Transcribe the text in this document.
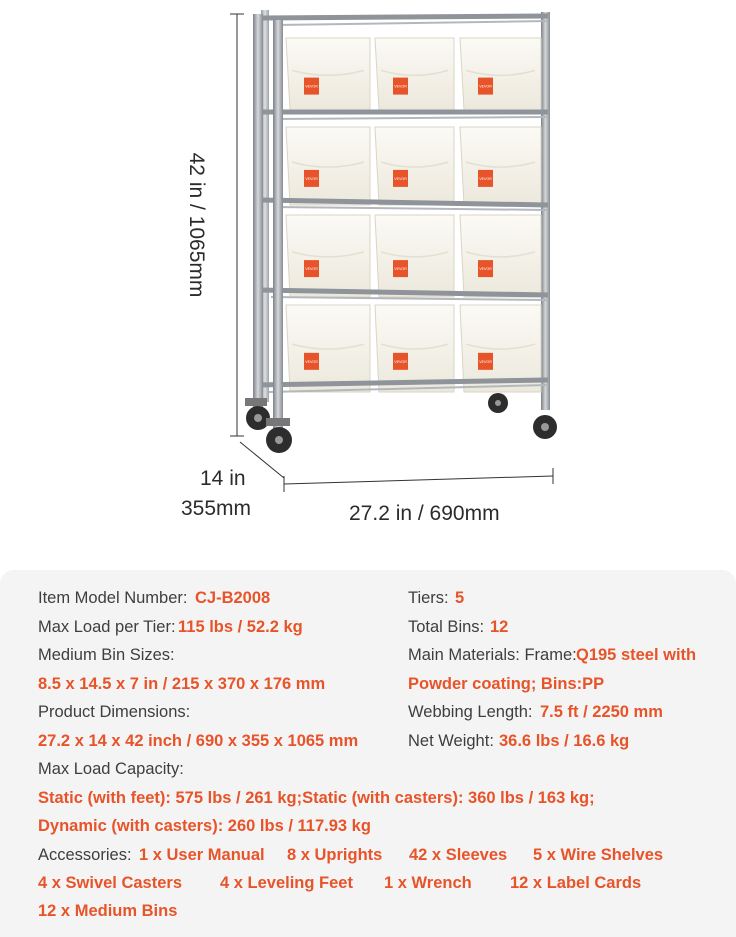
VEVOR	VEVOR	VEVOR
VEVOR	VEVOR	VEVOR
VEVOR	VEVOR	VEVOR
VEVOR	VEVOR	VEVOR
42 in / 1065mm
14 in
355mm	27.2 in / 690mm
Item Model Number: CJ-B2008	Tiers: 5
Max Load per Tier: 115 lbs / 52.2 kg	Total Bins: 12
Medium Bin Sizes:	Main Materials: Frame: Q195 steel with
8.5 x 14.5 x 7 in / 215 x 370 x 176 mm	Powder coating; Bins:PP
Product Dimensions:	Webbing Length: 7.5 ft / 2250 mm
27.2 x 14 x 42 inch / 690 x 355 x 1065 mm	Net Weight: 36.6 lbs / 16.6 kg
Max Load Capacity:
Static (with feet): 575 lbs / 261 kg;Static (with casters): 360 lbs / 163 kg;
Dynamic (with casters): 260 lbs / 117.93 kg
Accessories: 1 x User Manual 8 x Uprights 42 x Sleeves 5 x Wire Shelves
4 x Swivel Casters 4 x Leveling Feet 1 x Wrench 12 x Label Cards
12 x Medium Bins
